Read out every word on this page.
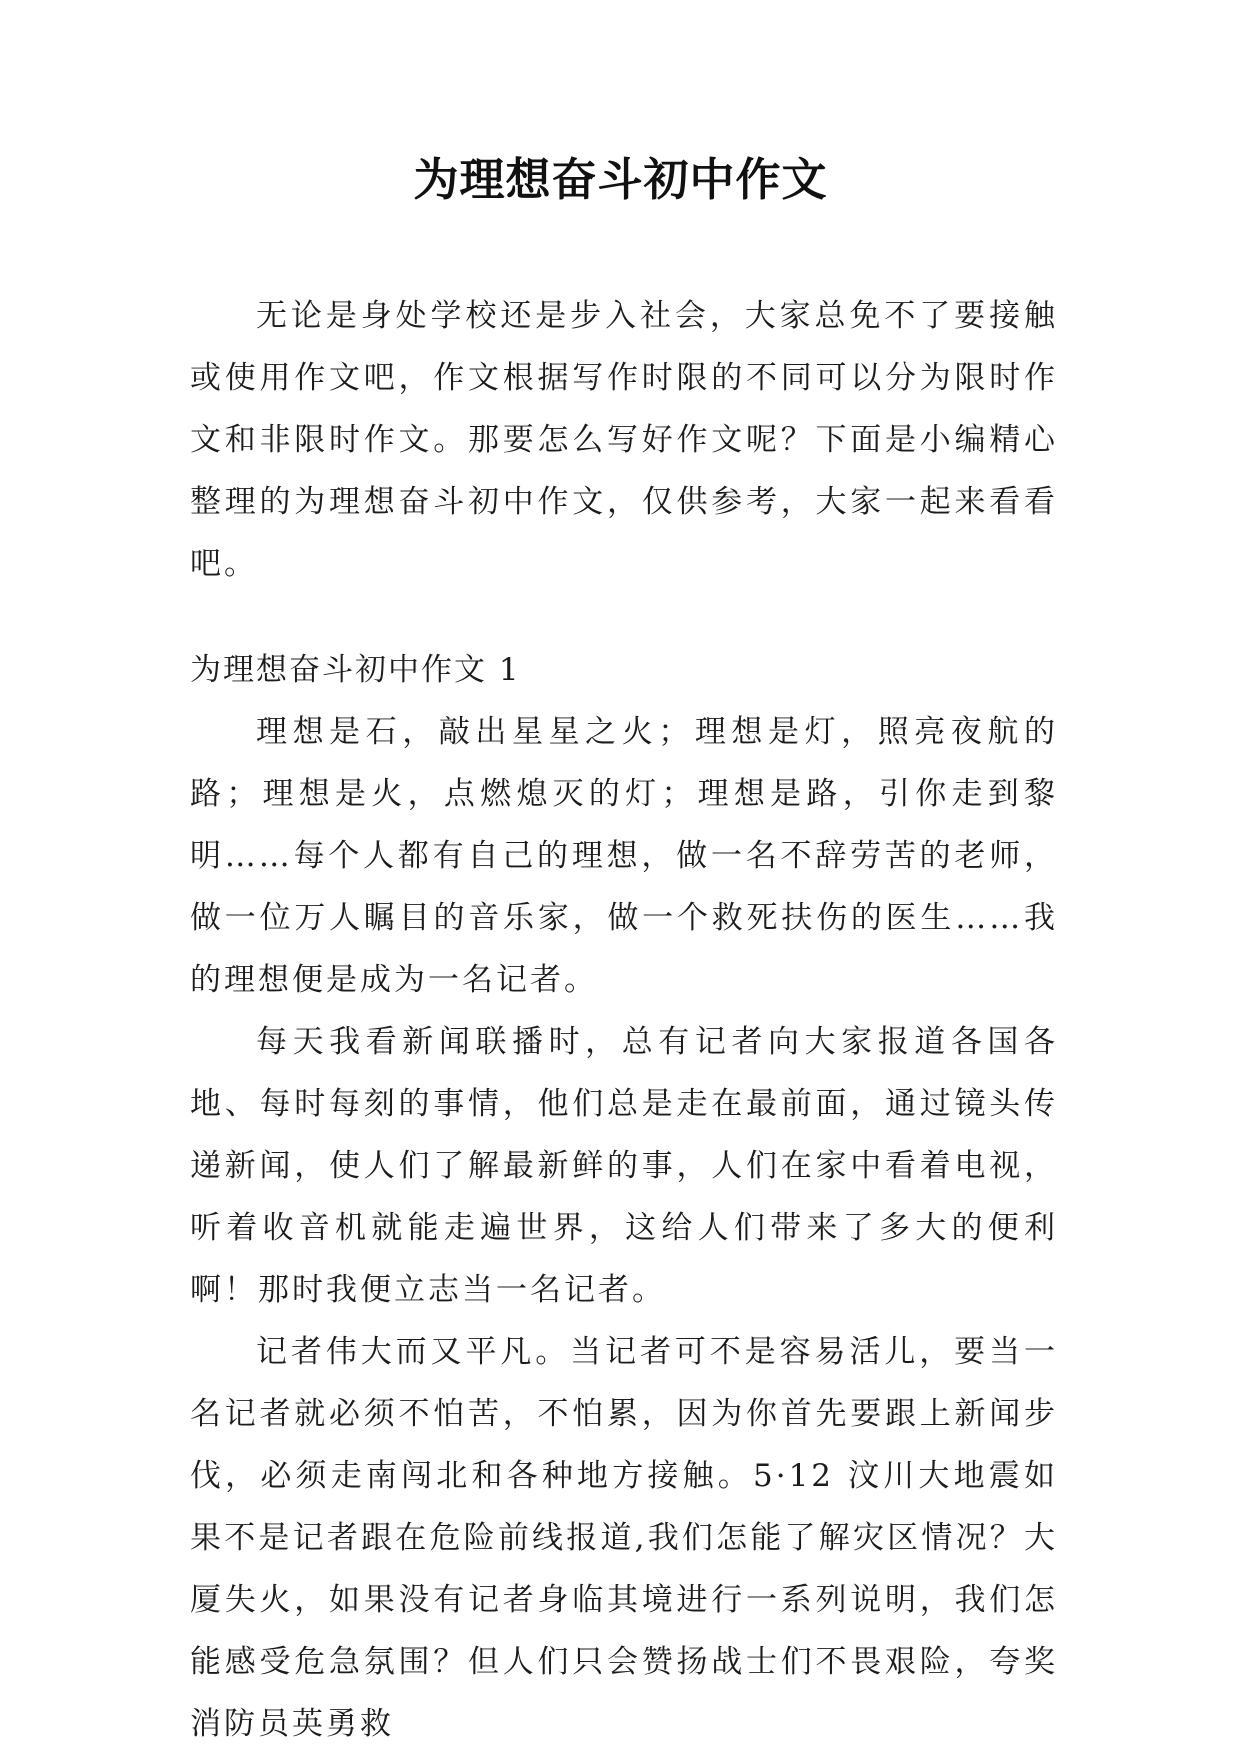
为理想奋斗初中作文

无论是身处学校还是步入社会，大家总免不了要接触或使用作文吧，作文根据写作时限的不同可以分为限时作文和非限时作文。那要怎么写好作文呢？下面是小编精心整理的为理想奋斗初中作文，仅供参考，大家一起来看看吧。

为理想奋斗初中作文 1

理想是石，敲出星星之火；理想是灯，照亮夜航的路；理想是火，点燃熄灭的灯；理想是路，引你走到黎明……每个人都有自己的理想，做一名不辞劳苦的老师，做一位万人瞩目的音乐家，做一个救死扶伤的医生……我的理想便是成为一名记者。

每天我看新闻联播时，总有记者向大家报道各国各地、每时每刻的事情，他们总是走在最前面，通过镜头传递新闻，使人们了解最新鲜的事，人们在家中看着电视，听着收音机就能走遍世界，这给人们带来了多大的便利啊！那时我便立志当一名记者。

记者伟大而又平凡。当记者可不是容易活儿，要当一名记者就必须不怕苦，不怕累，因为你首先要跟上新闻步伐，必须走南闯北和各种地方接触。5·12 汶川大地震如果不是记者跟在危险前线报道,我们怎能了解灾区情况？大厦失火，如果没有记者身临其境进行一系列说明，我们怎能感受危急氛围？但人们只会赞扬战士们不畏艰险，夸奖消防员英勇救
